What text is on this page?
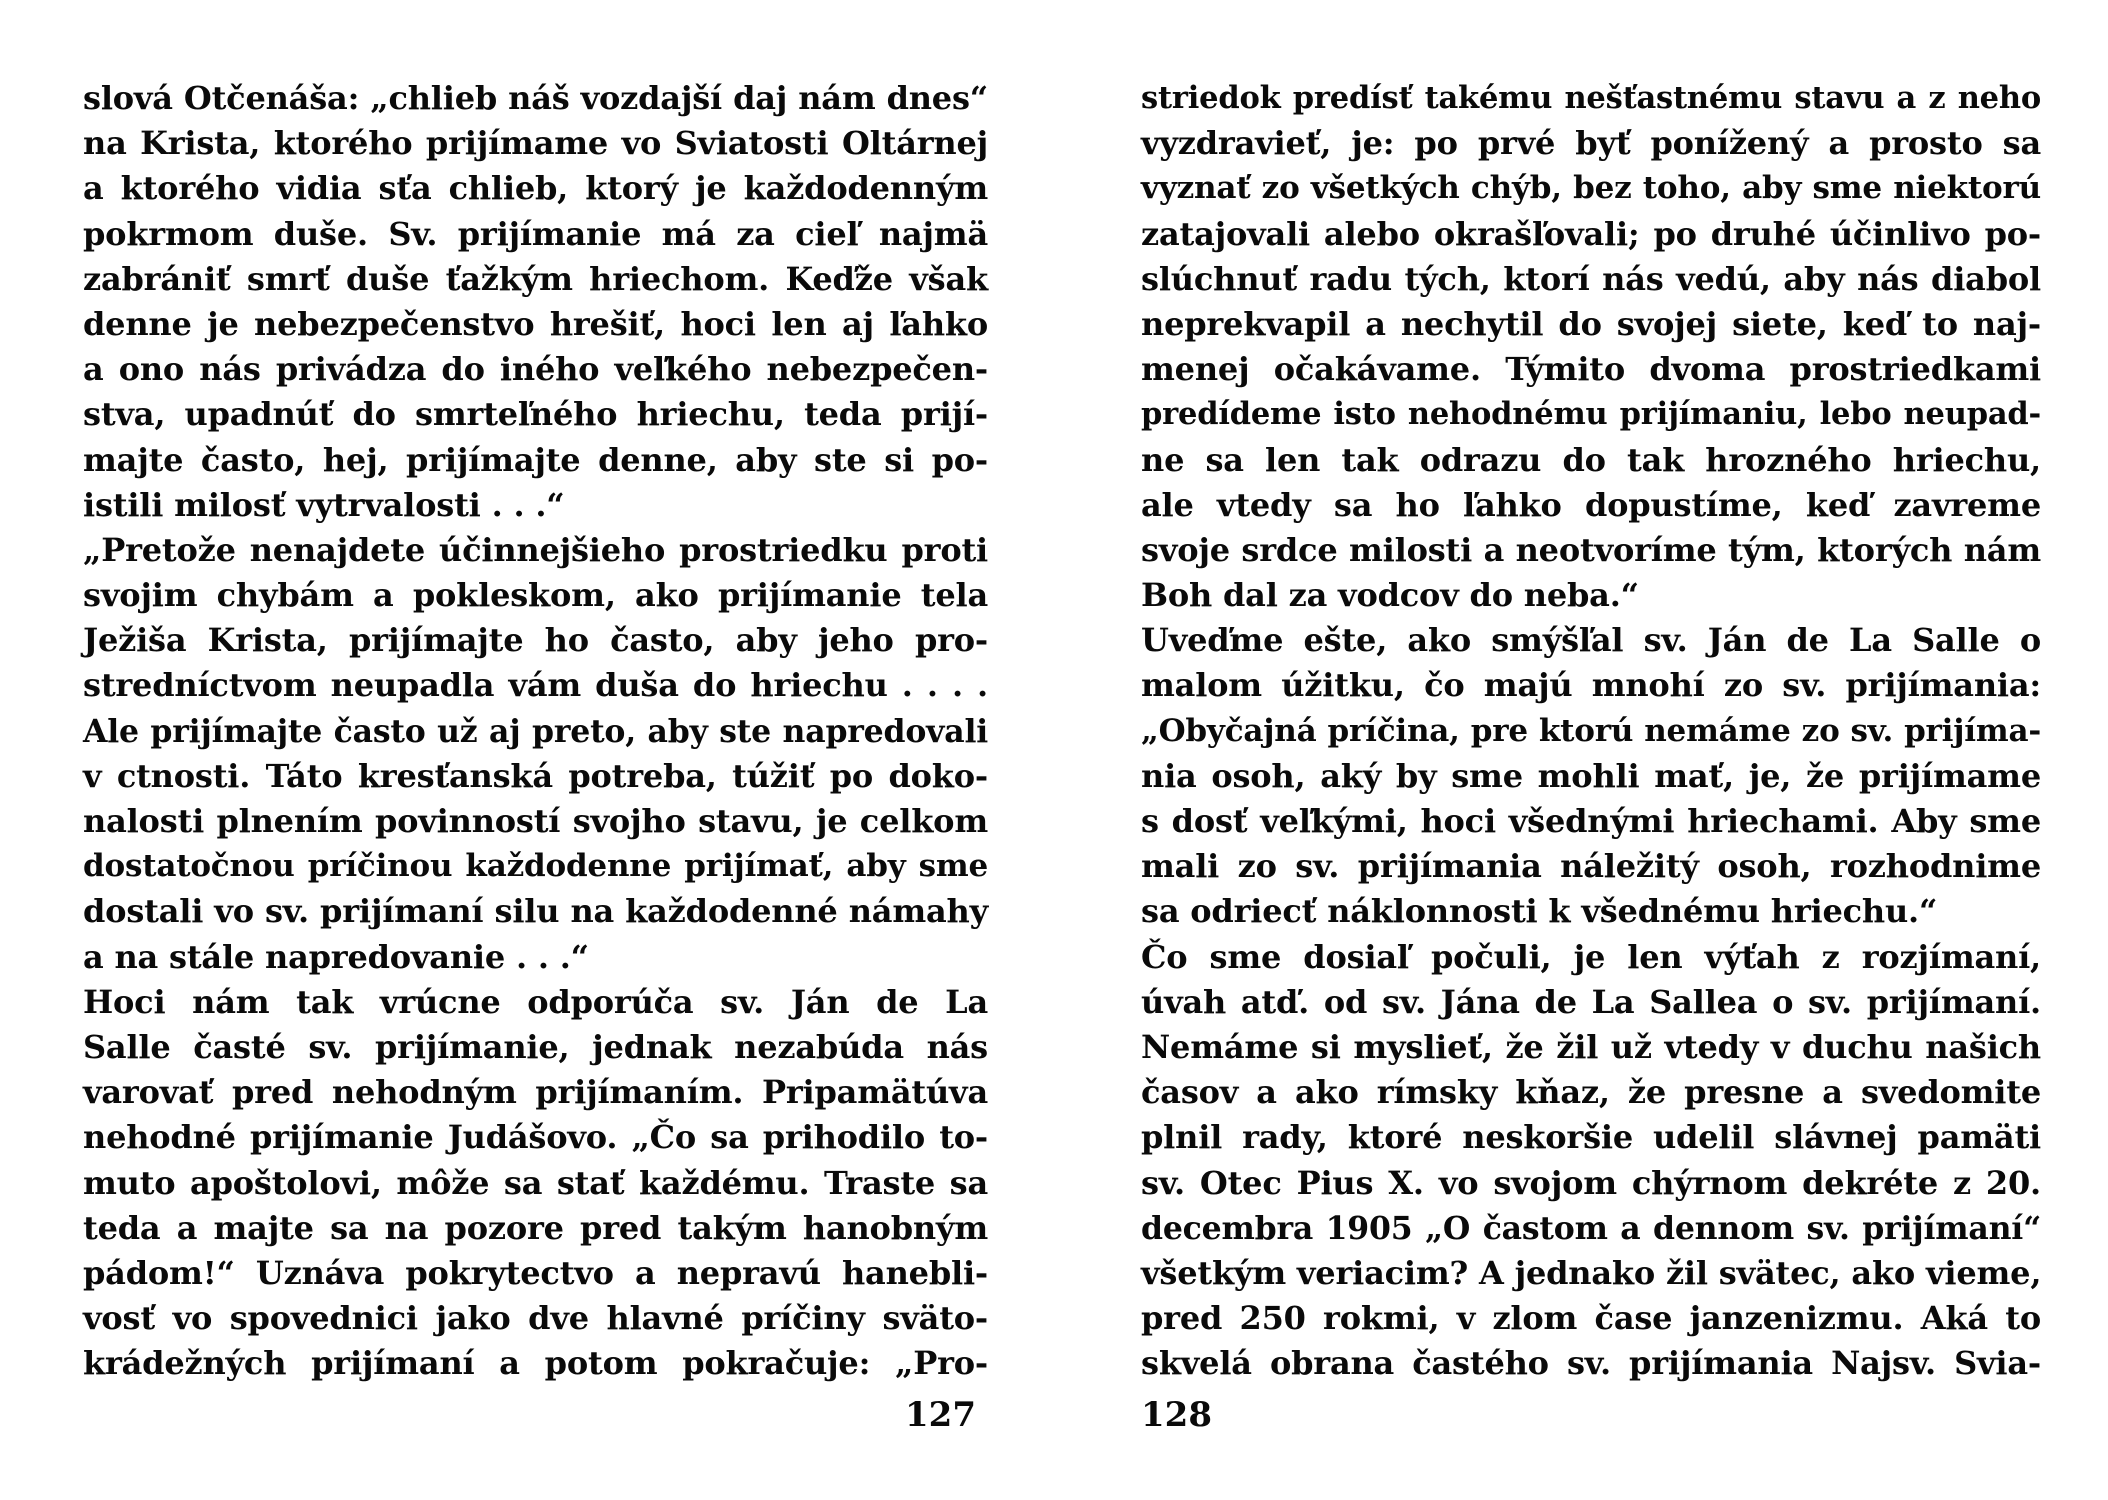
slová Otčenáša: „chlieb náš vozdajší daj nám dnes“
na Krista, ktorého prijímame vo Sviatosti Oltárnej
a ktorého vidia sťa chlieb, ktorý je každodenným
pokrmom duše. Sv. prijímanie má za cieľ najmä
zabrániť smrť duše ťažkým hriechom. Keďže však
denne je nebezpečenstvo hrešiť, hoci len aj ľahko
a ono nás privádza do iného veľkého nebezpečen-
stva, upadnúť do smrteľného hriechu, teda prijí-
majte často, hej, prijímajte denne, aby ste si po-
istili milosť vytrvalosti . . .“
„Pretože nenajdete účinnejšieho prostriedku proti
svojim chybám a pokleskom, ako prijímanie tela
Ježiša Krista, prijímajte ho často, aby jeho pro-
stredníctvom neupadla vám duša do hriechu . . . .
Ale prijímajte často už aj preto, aby ste napredovali
v ctnosti. Táto kresťanská potreba, túžiť po doko-
nalosti plnením povinností svojho stavu, je celkom
dostatočnou príčinou každodenne prijímať, aby sme
dostali vo sv. prijímaní silu na každodenné námahy
a na stále napredovanie . . .“
Hoci nám tak vrúcne odporúča sv. Ján de La
Salle časté sv. prijímanie, jednak nezabúda nás
varovať pred nehodným prijímaním. Pripamätúva
nehodné prijímanie Judášovo. „Čo sa prihodilo to-
muto apoštolovi, môže sa stať každému. Traste sa
teda a majte sa na pozore pred takým hanobným
pádom!“ Uznáva pokrytectvo a nepravú hanebli-
vosť vo spovednici jako dve hlavné príčiny sväto-
krádežných prijímaní a potom pokračuje: „Pro-
127
striedok predísť takému nešťastnému stavu a z neho
vyzdravieť, je: po prvé byť ponížený a prosto sa
vyznať zo všetkých chýb, bez toho, aby sme niektorú
zatajovali alebo okrašľovali; po druhé účinlivo po-
slúchnuť radu tých, ktorí nás vedú, aby nás diabol
neprekvapil a nechytil do svojej siete, keď to naj-
menej očakávame. Týmito dvoma prostriedkami
predídeme isto nehodnému prijímaniu, lebo neupad-
ne sa len tak odrazu do tak hrozného hriechu,
ale vtedy sa ho ľahko dopustíme, keď zavreme
svoje srdce milosti a neotvoríme tým, ktorých nám
Boh dal za vodcov do neba.“
Uveďme ešte, ako smýšľal sv. Ján de La Salle o
malom úžitku, čo majú mnohí zo sv. prijímania:
„Obyčajná príčina, pre ktorú nemáme zo sv. prijíma-
nia osoh, aký by sme mohli mať, je, že prijímame
s dosť veľkými, hoci všednými hriechami. Aby sme
mali zo sv. prijímania náležitý osoh, rozhodnime
sa odriecť náklonnosti k všednému hriechu.“
Čo sme dosiaľ počuli, je len výťah z rozjímaní,
úvah atď. od sv. Jána de La Sallea o sv. prijímaní.
Nemáme si myslieť, že žil už vtedy v duchu našich
časov a ako rímsky kňaz, že presne a svedomite
plnil rady, ktoré neskoršie udelil slávnej pamäti
sv. Otec Pius X. vo svojom chýrnom dekréte z 20.
decembra 1905 „O častom a dennom sv. prijímaní“
všetkým veriacim? A jednako žil svätec, ako vieme,
pred 250 rokmi, v zlom čase janzenizmu. Aká to
skvelá obrana častého sv. prijímania Najsv. Svia-
128
